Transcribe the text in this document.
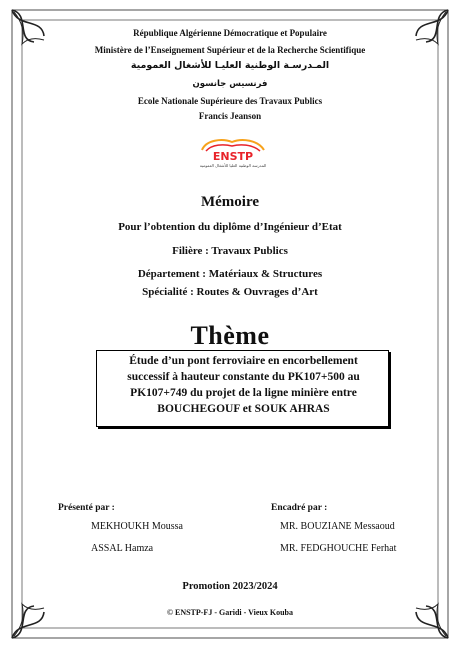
République Algérienne Démocratique et Populaire
Ministère de l’Enseignement Supérieur et de la Recherche Scientifique
المـدرسـة الوطنية العليـا للأشغال العمومية
فرنسيس جانسون
Ecole Nationale Supérieure des Travaux Publics
Francis Jeanson
ENSTP
المدرسة الوطنية العليا للأشغال العمومية
Mémoire
Pour l’obtention du diplôme d’Ingénieur d’Etat
Filière : Travaux Publics
Département : Matériaux & Structures
Spécialité : Routes & Ouvrages d’Art
Thème
Étude d’un pont ferroviaire en encorbellement
successif à hauteur constante du PK107+500 au
PK107+749 du projet de la ligne minière entre
BOUCHEGOUF et SOUK AHRAS
Présenté par :	Encadré par :
MEKHOUKH Moussa
ASSAL Hamza
MR. BOUZIANE Messaoud
MR. FEDGHOUCHE Ferhat
Promotion 2023/2024
© ENSTP-FJ - Garidi - Vieux Kouba
